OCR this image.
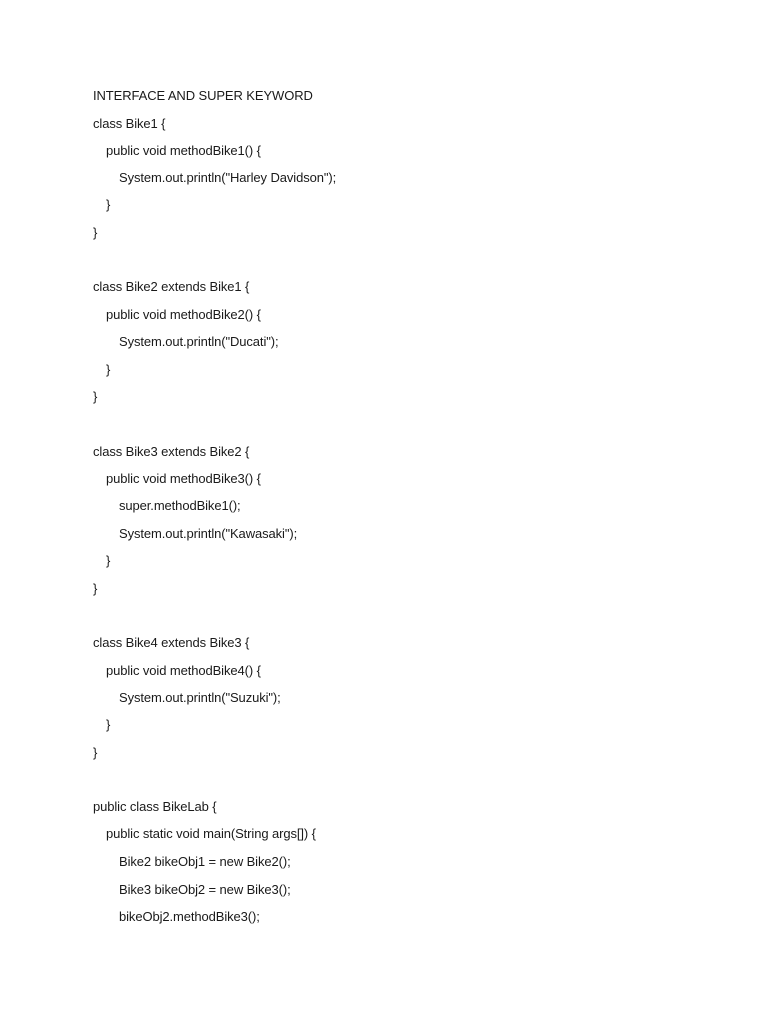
INTERFACE AND SUPER KEYWORD
class Bike1 {
public void methodBike1() {
System.out.println("Harley Davidson");
}
}
class Bike2 extends Bike1 {
public void methodBike2() {
System.out.println("Ducati");
}
}
class Bike3 extends Bike2 {
public void methodBike3() {
super.methodBike1();
System.out.println("Kawasaki");
}
}
class Bike4 extends Bike3 {
public void methodBike4() {
System.out.println("Suzuki");
}
}
public class BikeLab {
public static void main(String args[]) {
Bike2 bikeObj1 = new Bike2();
Bike3 bikeObj2 = new Bike3();
bikeObj2.methodBike3();
